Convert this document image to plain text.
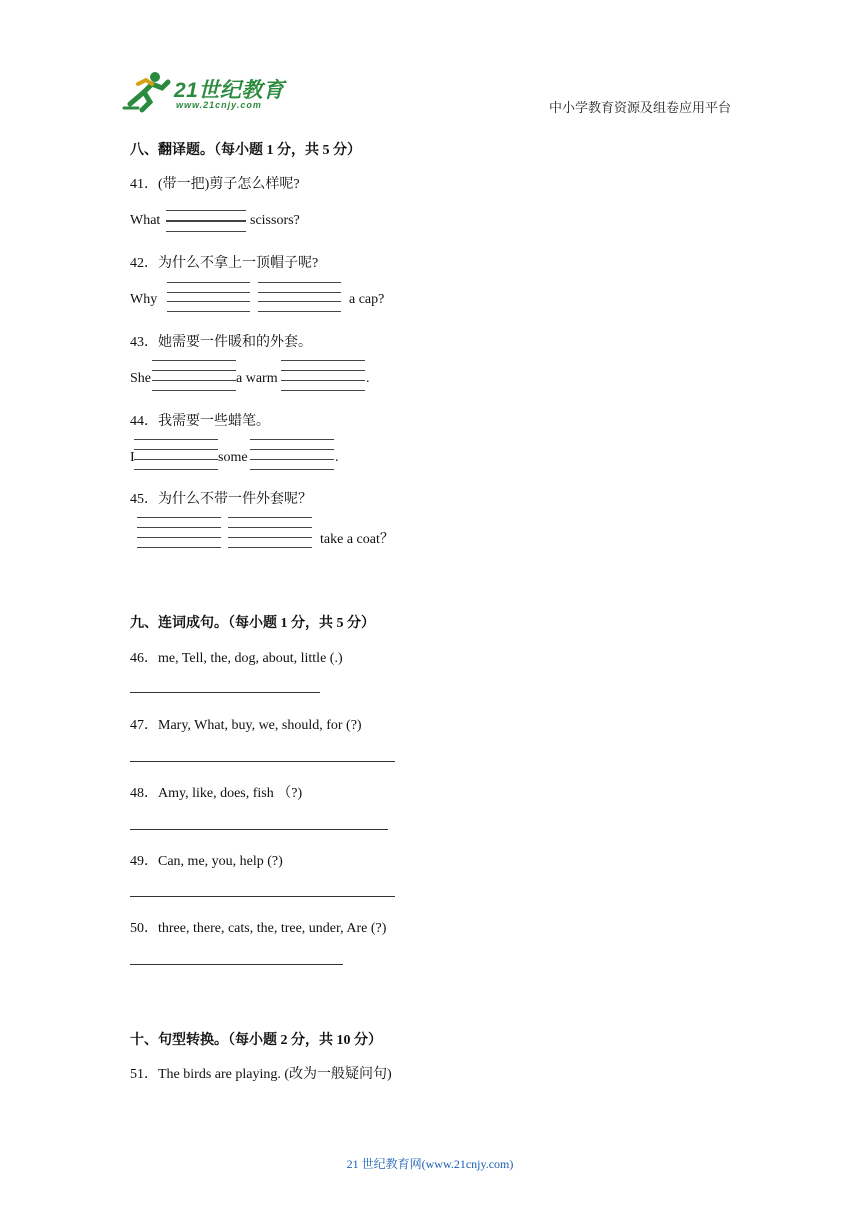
21世纪教育
www.21cnjy.com	中小学教育资源及组卷应用平台
八、翻译题。（每小题 1 分，共 5 分）
41．(带一把)剪子怎么样呢?
What	scissors?
42．为什么不拿上一顶帽子呢?
Why	a cap?
43．她需要一件暖和的外套。
She	a warm	.
44．我需要一些蜡笔。
I	some	.
45．为什么不带一件外套呢？
take a coat？
九、连词成句。（每小题 1 分，共 5 分）
46．me, Tell, the, dog, about, little (.)
47．Mary, What, buy, we, should, for (?)
48．Amy, like, does, fish （?)
49．Can, me, you, help (?)
50．three, there, cats, the, tree, under, Are (?)
十、句型转换。（每小题 2 分，共 10 分）
51．The birds are playing. (改为一般疑问句)
21 世纪教育网(www.21cnjy.com)
